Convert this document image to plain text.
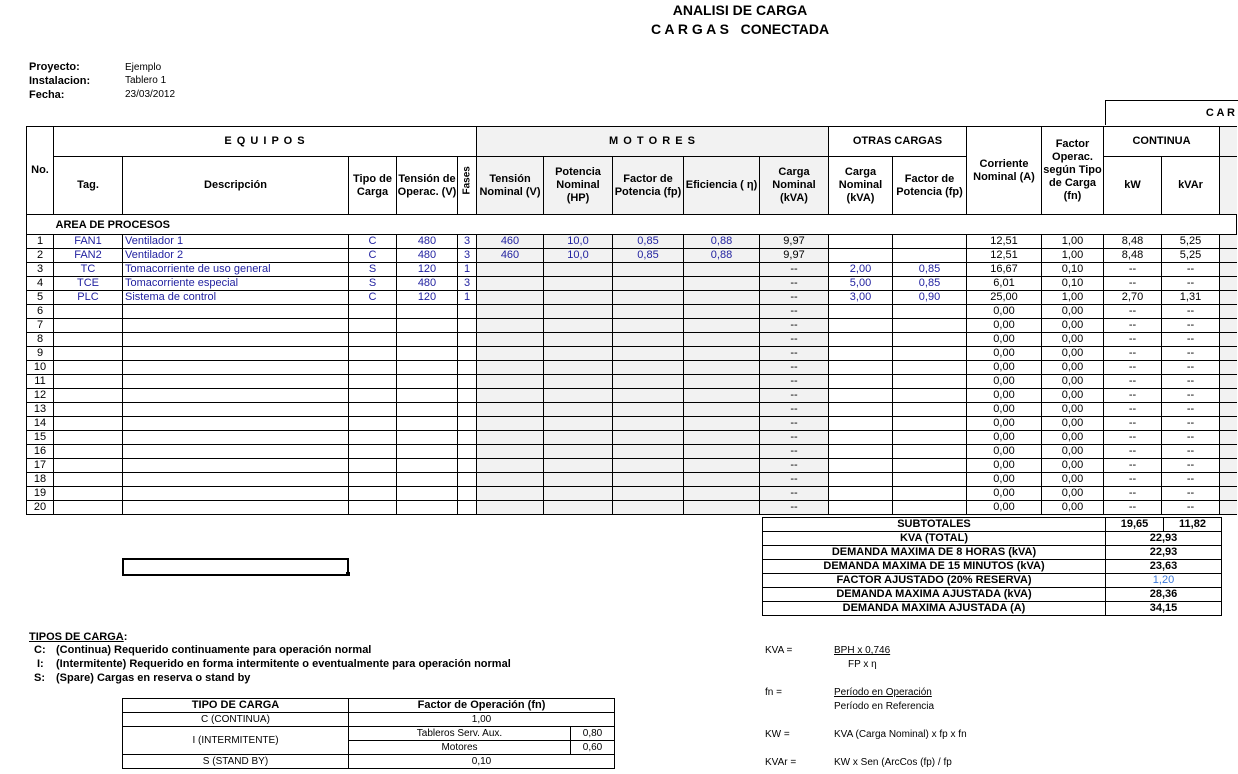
ANALISI DE CARGA
C A R G A S   CONECTADA
Proyecto:	Ejemplo
Instalacion:	Tablero 1
Fecha:	23/03/2012
C A R
No.	E Q U I P O S					M O T O R E S					OTRAS CARGAS		Corriente Nominal (A)	Factor Operac. según Tipo de Carga (fn)	CONTINUA		
	Tag.	Descripción	Tipo de Carga	Tensión de Operac. (V)	Fases	Tensión Nominal (V)	Potencia Nominal (HP)	Factor de Potencia (fp)	Eficiencia ( η)	Carga Nominal (kVA)	Carga Nominal (kVA)	Factor de Potencia (fp)			kW	kVAr	
	AREA DE PROCESOS																
1	FAN1	Ventilador 1	C	480	3	460	10,0	0,85	0,88	9,97			12,51	1,00	8,48	5,25	
2	FAN2	Ventilador 2	C	480	3	460	10,0	0,85	0,88	9,97			12,51	1,00	8,48	5,25	
3	TC	Tomacorriente de uso general	S	120	1					--	2,00	0,85	16,67	0,10	--	--	
4	TCE	Tomacorriente especial	S	480	3					--	5,00	0,85	6,01	0,10	--	--	
5	PLC	Sistema de control	C	120	1					--	3,00	0,90	25,00	1,00	2,70	1,31	
6										--			0,00	0,00	--	--	
7										--			0,00	0,00	--	--	
8										--			0,00	0,00	--	--	
9										--			0,00	0,00	--	--	
10										--			0,00	0,00	--	--	
11										--			0,00	0,00	--	--	
12										--			0,00	0,00	--	--	
13										--			0,00	0,00	--	--	
14										--			0,00	0,00	--	--	
15										--			0,00	0,00	--	--	
16										--			0,00	0,00	--	--	
17										--			0,00	0,00	--	--	
18										--			0,00	0,00	--	--	
19										--			0,00	0,00	--	--	
20										--			0,00	0,00	--	--	
SUBTOTALES	19,65	11,82
KVA (TOTAL)	22,93	
DEMANDA MAXIMA DE 8 HORAS (kVA)	22,93	
DEMANDA MAXIMA DE 15 MINUTOS (kVA)	23,63	
FACTOR AJUSTADO (20% RESERVA)	1,20	
DEMANDA MAXIMA AJUSTADA (kVA)	28,36	
DEMANDA MAXIMA AJUSTADA (A)	34,15	
TIPOS DE CARGA:
C: (Continua) Requerido continuamente para operación normal
I: (Intermitente) Requerido en forma intermitente o eventualmente para operación normal
S: (Spare) Cargas en reserva o stand by
TIPO DE CARGA	Factor de Operación (fn)	
C (CONTINUA)	1,00	
I (INTERMITENTE)	Tableros Serv. Aux.	0,80
	Motores	0,60
S (STAND BY)	0,10	
KVA =	BPH x 0,746
FP x η
fn =	Período en Operación
Período en Referencia
KW =	KVA (Carga Nominal) x fp x fn
KVAr =	KW x Sen (ArcCos (fp) / fp
